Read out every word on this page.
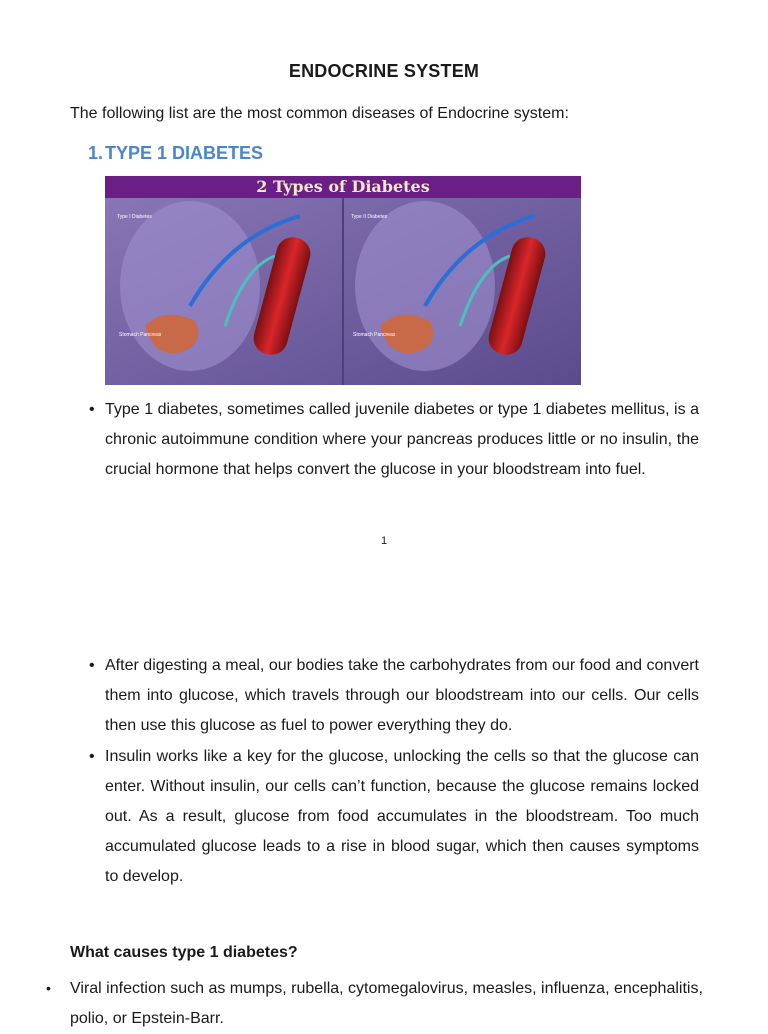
ENDOCRINE SYSTEM
The following list are the most common diseases of Endocrine system:
1. TYPE 1 DIABETES
2 Types of Diabetes
Type I Diabetes
Stomach Pancreas
Type II Diabetes
Stomach Pancreas
• Type 1 diabetes, sometimes called juvenile diabetes or type 1 diabetes mellitus, is a chronic autoimmune condition where your pancreas produces little or no insulin, the crucial hormone that helps convert the glucose in your bloodstream into fuel.
1
• After digesting a meal, our bodies take the carbohydrates from our food and convert them into glucose, which travels through our bloodstream into our cells. Our cells then use this glucose as fuel to power everything they do.
• Insulin works like a key for the glucose, unlocking the cells so that the glucose can enter. Without insulin, our cells can’t function, because the glucose remains locked out. As a result, glucose from food accumulates in the bloodstream. Too much accumulated glucose leads to a rise in blood sugar, which then causes symptoms to develop.
What causes type 1 diabetes?
• Viral infection such as mumps, rubella, cytomegalovirus, measles, influenza, encephalitis, polio, or Epstein-Barr.
